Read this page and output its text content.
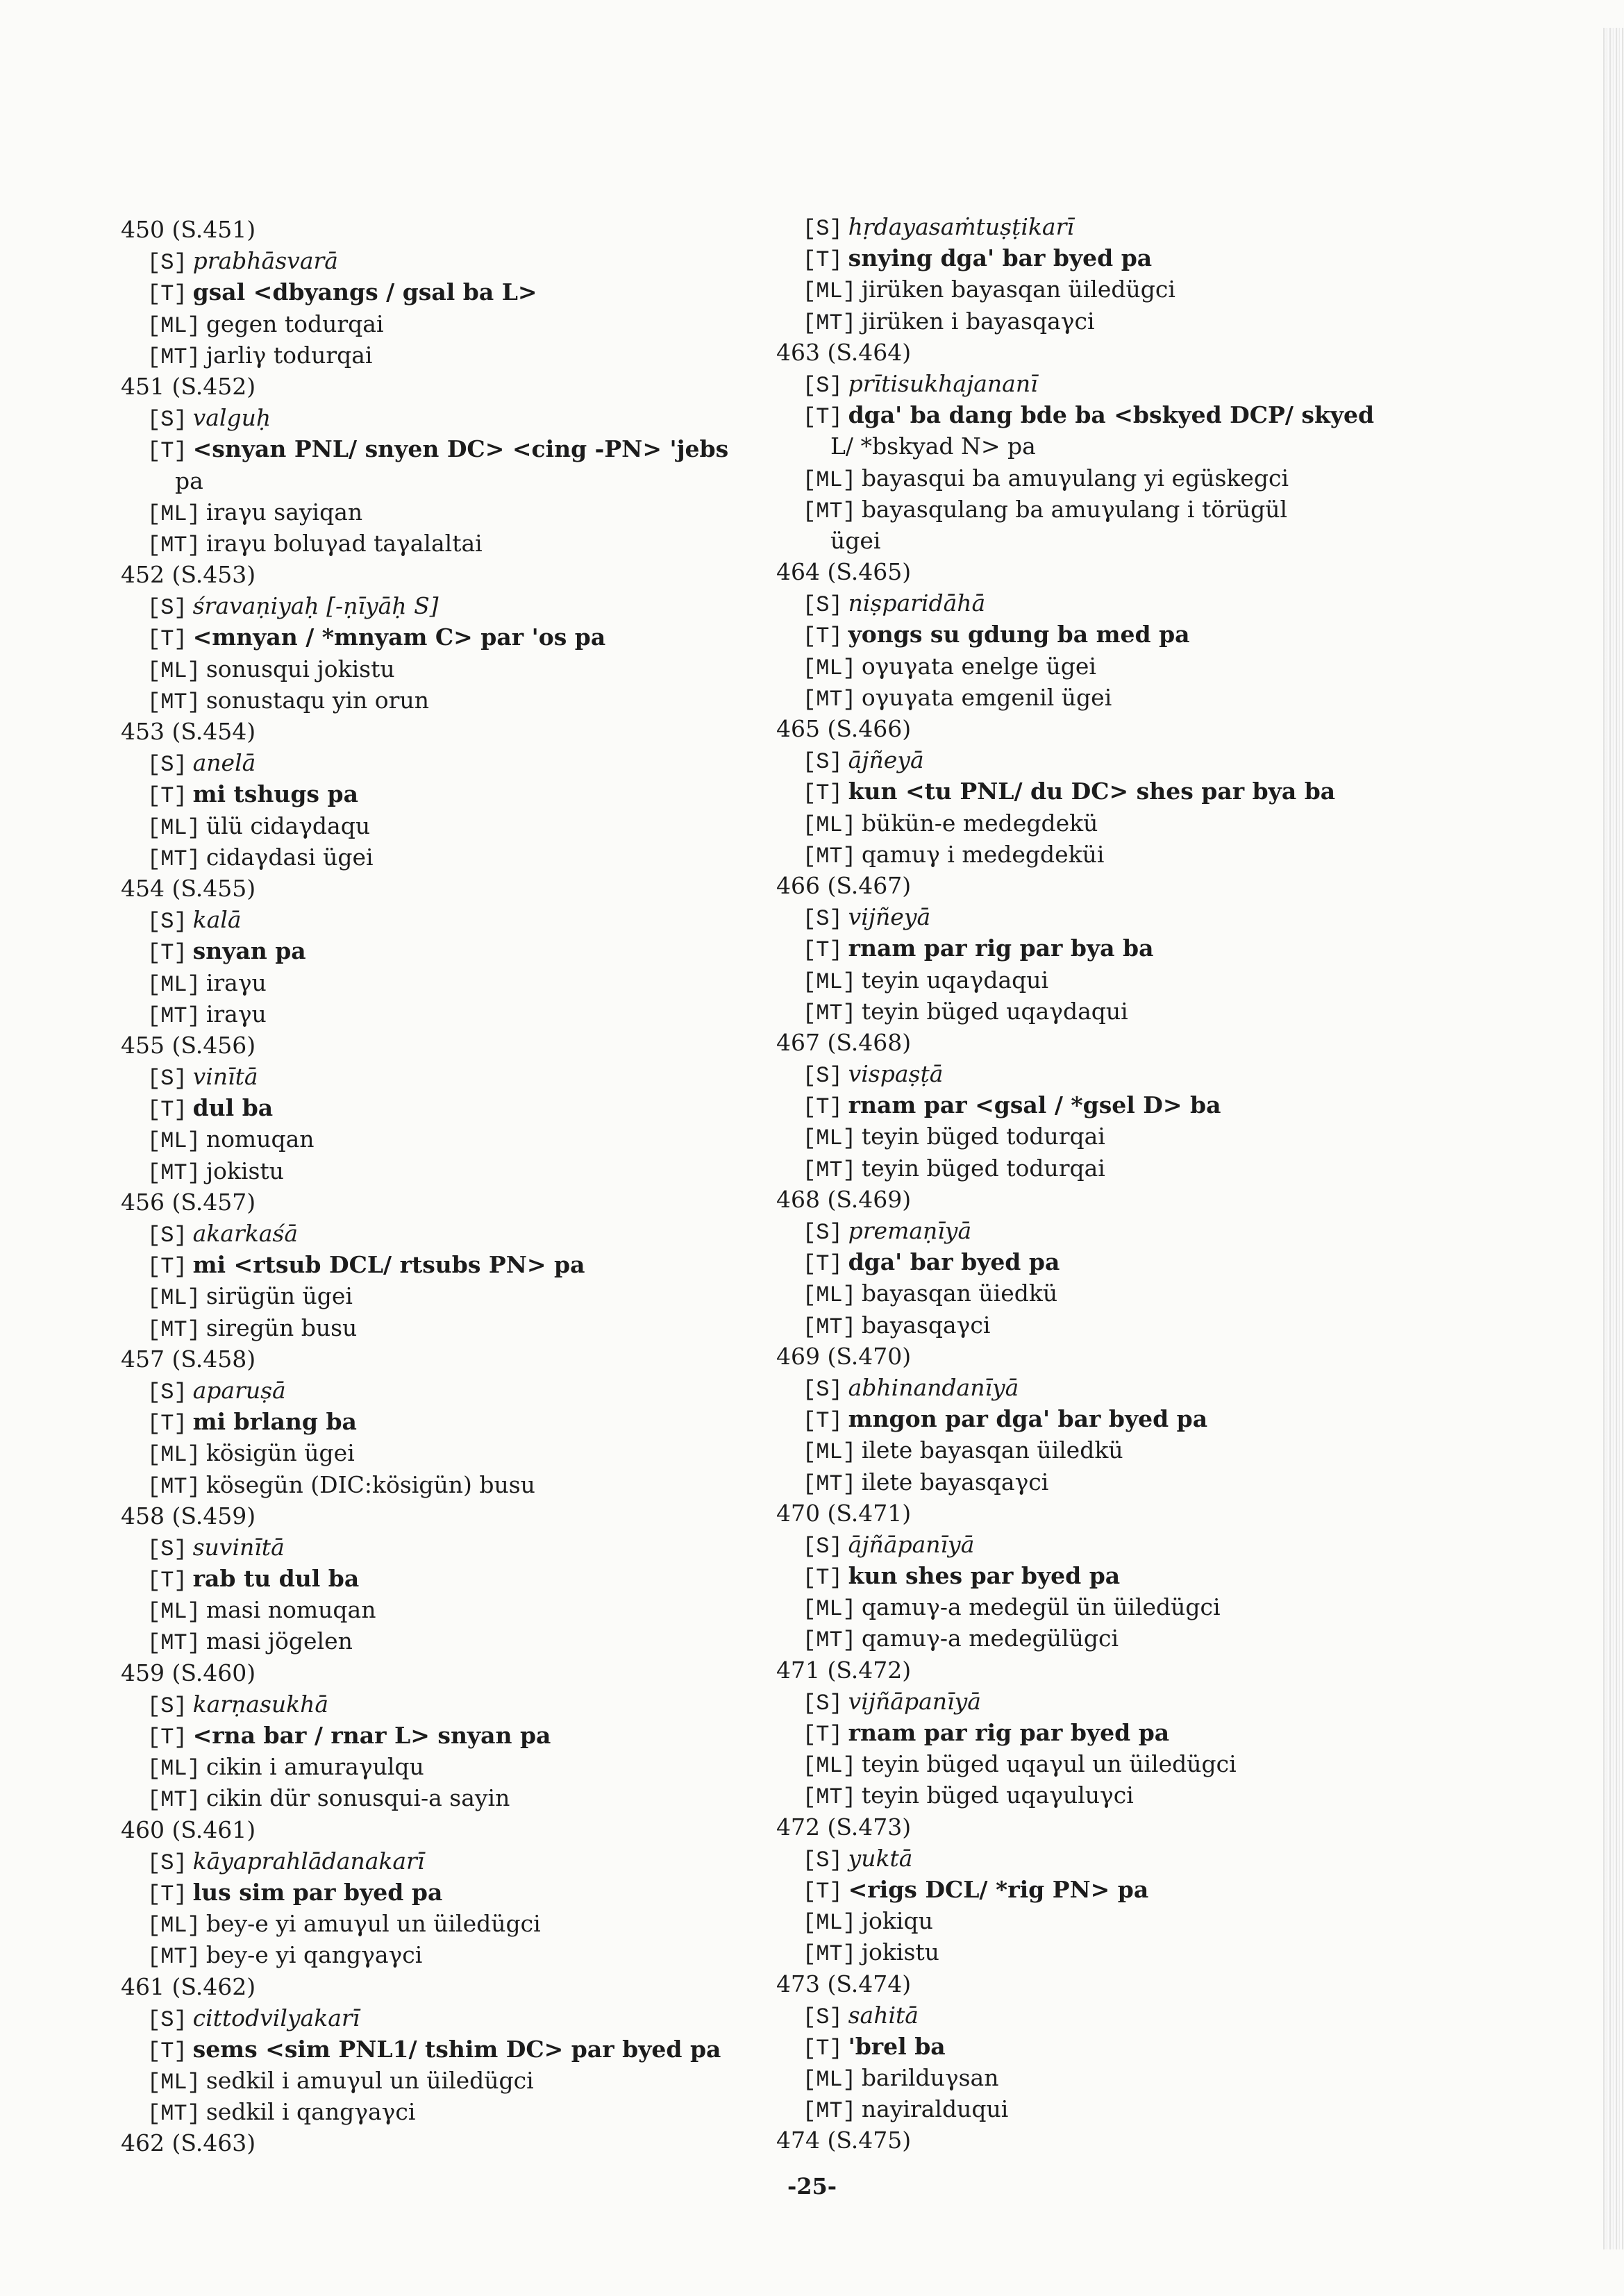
450 (S.451)
[S] prabhāsvarā
[T] gsal <dbyangs / gsal ba L>
[ML] gegen todurqai
[MT] jarliγ todurqai
451 (S.452)
[S] valguḥ
[T] <snyan PNL/ snyen DC> <cing -PN> 'jebs
pa
[ML] iraγu sayiqan
[MT] iraγu boluγad taγalaltai
452 (S.453)
[S] śravaṇiyaḥ [-ṇīyāḥ S]
[T] <mnyan / *mnyam C> par 'os pa
[ML] sonusqui jokistu
[MT] sonustaqu yin orun
453 (S.454)
[S] anelā
[T] mi tshugs pa
[ML] ülü cidaγdaqu
[MT] cidaγdasi ügei
454 (S.455)
[S] kalā
[T] snyan pa
[ML] iraγu
[MT] iraγu
455 (S.456)
[S] vinītā
[T] dul ba
[ML] nomuqan
[MT] jokistu
456 (S.457)
[S] akarkaśā
[T] mi <rtsub DCL/ rtsubs PN> pa
[ML] sirügün ügei
[MT] siregün busu
457 (S.458)
[S] aparuṣā
[T] mi brlang ba
[ML] kösigün ügei
[MT] kösegün (DIC:kösigün) busu
458 (S.459)
[S] suvinītā
[T] rab tu dul ba
[ML] masi nomuqan
[MT] masi jögelen
459 (S.460)
[S] karṇasukhā
[T] <rna bar / rnar L> snyan pa
[ML] cikin i amuraγulqu
[MT] cikin dür sonusqui-a sayin
460 (S.461)
[S] kāyaprahlādanakarī
[T] lus sim par byed pa
[ML] bey-e yi amuγul un üiledügci
[MT] bey-e yi qangγaγci
461 (S.462)
[S] cittodvilyakarī
[T] sems <sim PNL1/ tshim DC> par byed pa
[ML] sedkil i amuγul un üiledügci
[MT] sedkil i qangγaγci
462 (S.463)
[S] hṛdayasaṁtuṣṭikarī
[T] snying dga' bar byed pa
[ML] jirüken bayasqan üiledügci
[MT] jirüken i bayasqaγci
463 (S.464)
[S] prītisukhajananī
[T] dga' ba dang bde ba <bskyed DCP/ skyed
L/ *bskyad N> pa
[ML] bayasqui ba amuγulang yi egüskegci
[MT] bayasqulang ba amuγulang i törügül
ügei
464 (S.465)
[S] niṣparidāhā
[T] yongs su gdung ba med pa
[ML] oγuγata enelge ügei
[MT] oγuγata emgenil ügei
465 (S.466)
[S] ājñeyā
[T] kun <tu PNL/ du DC> shes par bya ba
[ML] bükün-e medegdekü
[MT] qamuγ i medegdeküi
466 (S.467)
[S] vijñeyā
[T] rnam par rig par bya ba
[ML] teyin uqaγdaqui
[MT] teyin büged uqaγdaqui
467 (S.468)
[S] vispaṣṭā
[T] rnam par <gsal / *gsel D> ba
[ML] teyin büged todurqai
[MT] teyin büged todurqai
468 (S.469)
[S] premaṇīyā
[T] dga' bar byed pa
[ML] bayasqan üiedkü
[MT] bayasqaγci
469 (S.470)
[S] abhinandanīyā
[T] mngon par dga' bar byed pa
[ML] ilete bayasqan üiledkü
[MT] ilete bayasqaγci
470 (S.471)
[S] ājñāpanīyā
[T] kun shes par byed pa
[ML] qamuγ-a medegül ün üiledügci
[MT] qamuγ-a medegülügci
471 (S.472)
[S] vijñāpanīyā
[T] rnam par rig par byed pa
[ML] teyin büged uqaγul un üiledügci
[MT] teyin büged uqaγuluγci
472 (S.473)
[S] yuktā
[T] <rigs DCL/ *rig PN> pa
[ML] jokiqu
[MT] jokistu
473 (S.474)
[S] sahitā
[T] 'brel ba
[ML] barilduγsan
[MT] nayiralduqui
474 (S.475)
-25-
